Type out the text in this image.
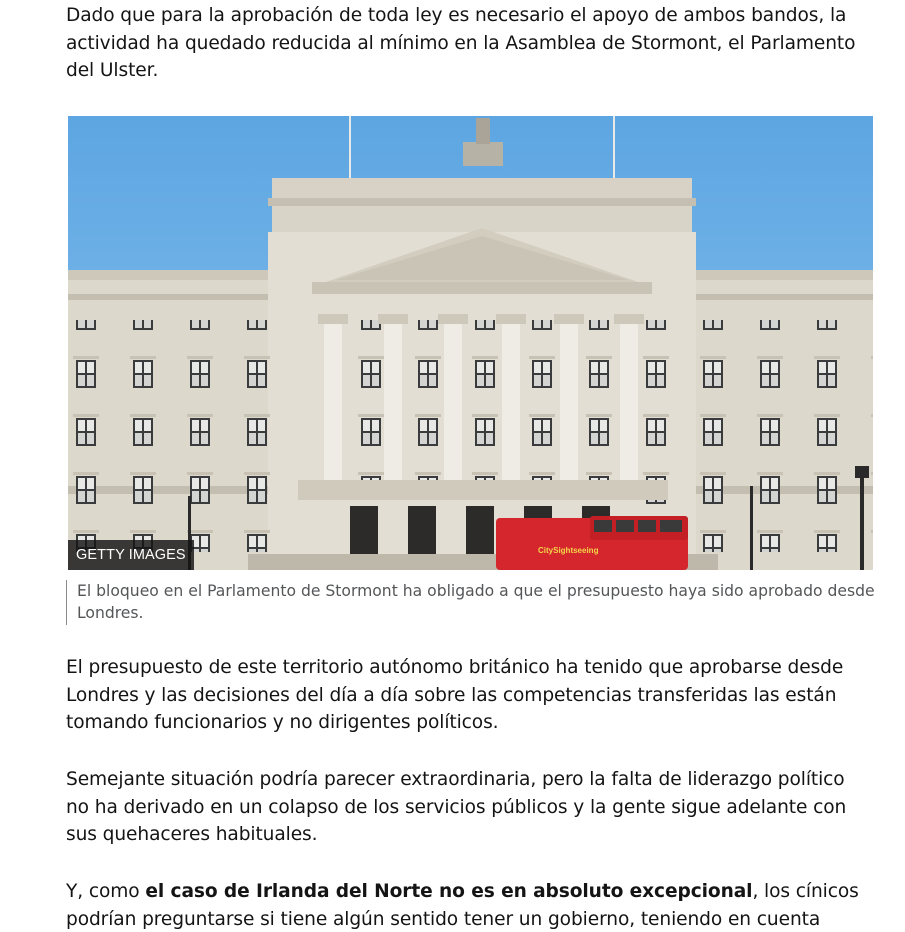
Dado que para la aprobación de toda ley es necesario el apoyo de ambos bandos, la actividad ha quedado reducida al mínimo en la Asamblea de Stormont, el Parlamento del Ulster.

CitySightseeing
GETTY IMAGES

El bloqueo en el Parlamento de Stormont ha obligado a que el presupuesto haya sido aprobado desde Londres.

El presupuesto de este territorio autónomo británico ha tenido que aprobarse desde Londres y las decisiones del día a día sobre las competencias transferidas las están tomando funcionarios y no dirigentes políticos.

Semejante situación podría parecer extraordinaria, pero la falta de liderazgo político no ha derivado en un colapso de los servicios públicos y la gente sigue adelante con sus quehaceres habituales.

Y, como el caso de Irlanda del Norte no es en absoluto excepcional, los cínicos podrían preguntarse si tiene algún sentido tener un gobierno, teniendo en cuenta
